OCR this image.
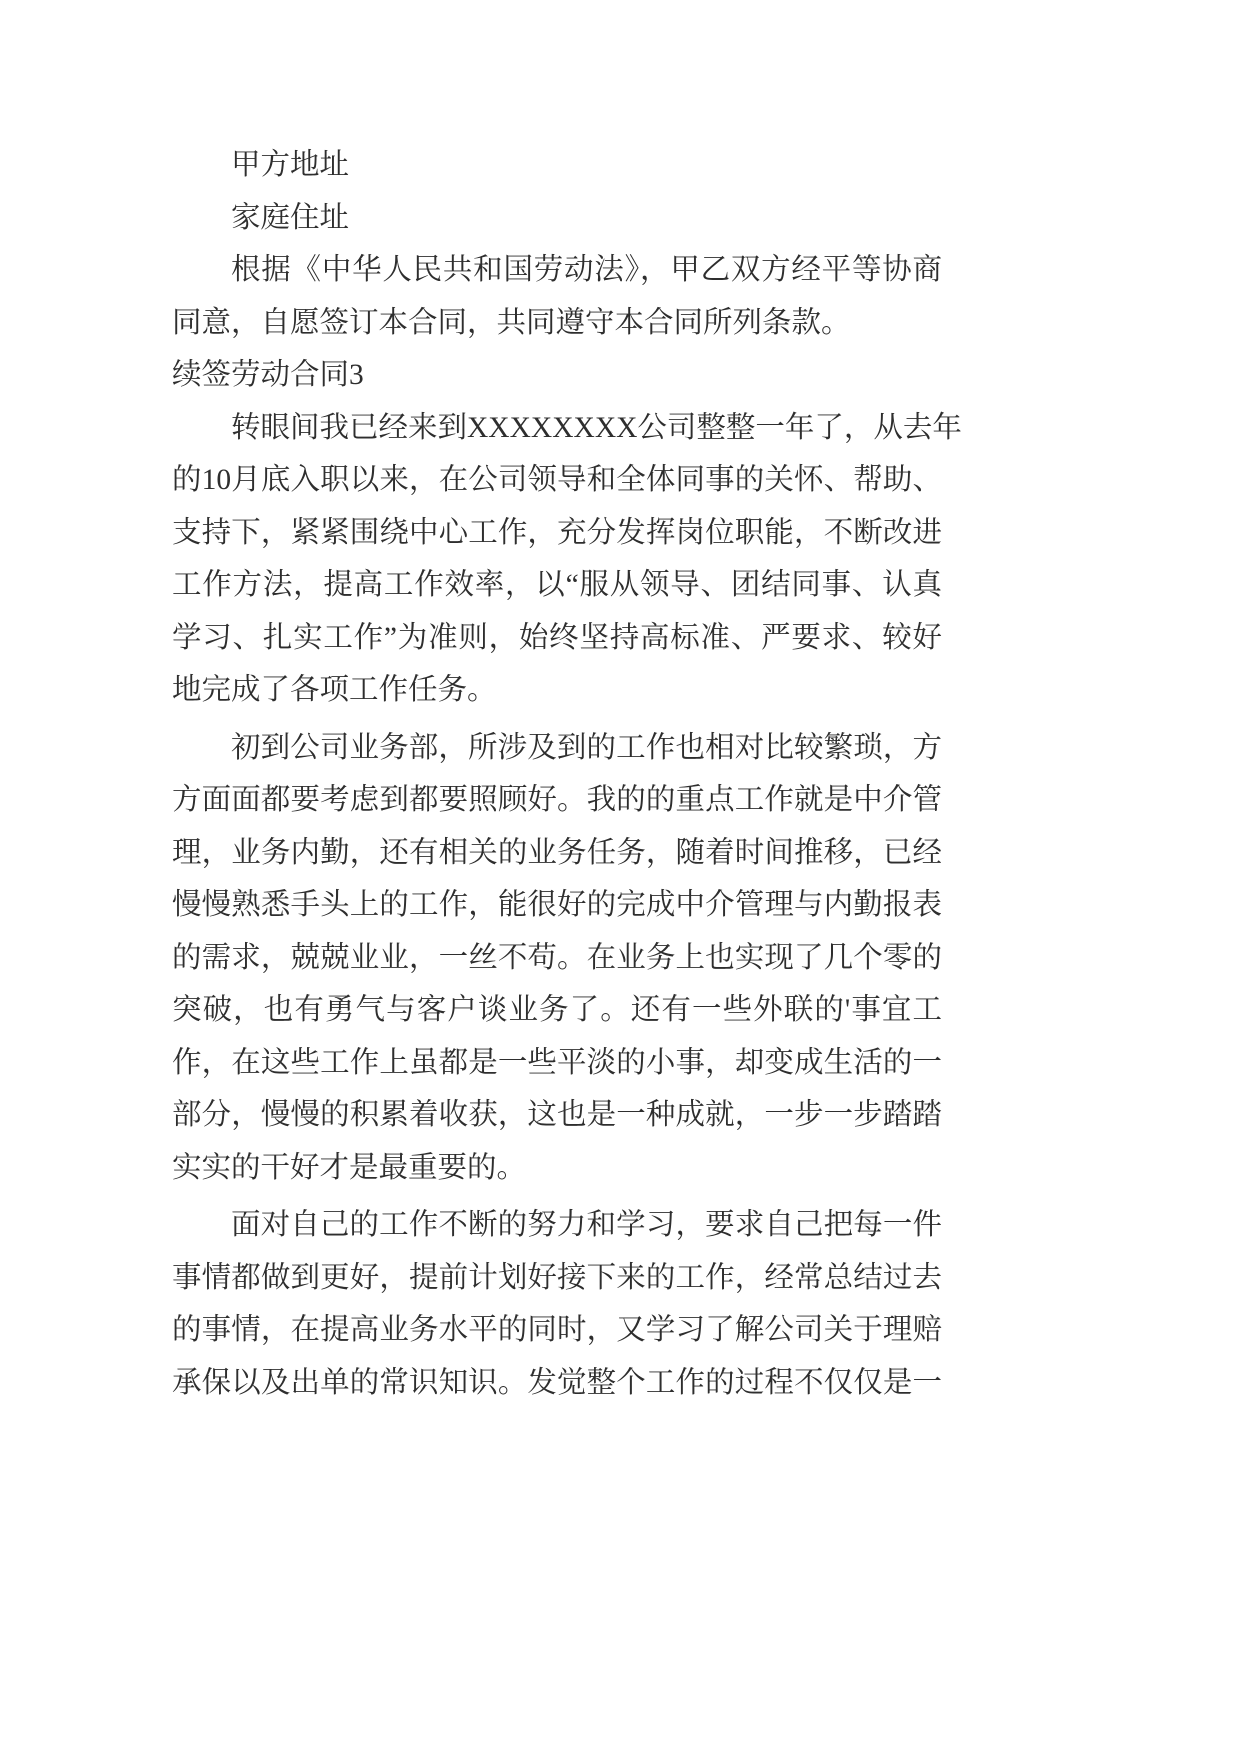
甲方地址
家庭住址
根据《中华人民共和国劳动法》，甲乙双方经平等协商
同意，自愿签订本合同，共同遵守本合同所列条款。
续签劳动合同3
转眼间我已经来到XXXXXXXX公司整整一年了，从去年
的10月底入职以来，在公司领导和全体同事的关怀、帮助、
支持下，紧紧围绕中心工作，充分发挥岗位职能，不断改进
工作方法，提高工作效率，以“服从领导、团结同事、认真
学习、扎实工作”为准则，始终坚持高标准、严要求、较好
地完成了各项工作任务。
初到公司业务部，所涉及到的工作也相对比较繁琐，方
方面面都要考虑到都要照顾好。我的的重点工作就是中介管
理，业务内勤，还有相关的业务任务，随着时间推移，已经
慢慢熟悉手头上的工作，能很好的完成中介管理与内勤报表
的需求，兢兢业业，一丝不苟。在业务上也实现了几个零的
突破，也有勇气与客户谈业务了。还有一些外联的'事宜工
作，在这些工作上虽都是一些平淡的小事，却变成生活的一
部分，慢慢的积累着收获，这也是一种成就，一步一步踏踏
实实的干好才是最重要的。
面对自己的工作不断的努力和学习，要求自己把每一件
事情都做到更好，提前计划好接下来的工作，经常总结过去
的事情，在提高业务水平的同时，又学习了解公司关于理赔
承保以及出单的常识知识。发觉整个工作的过程不仅仅是一
